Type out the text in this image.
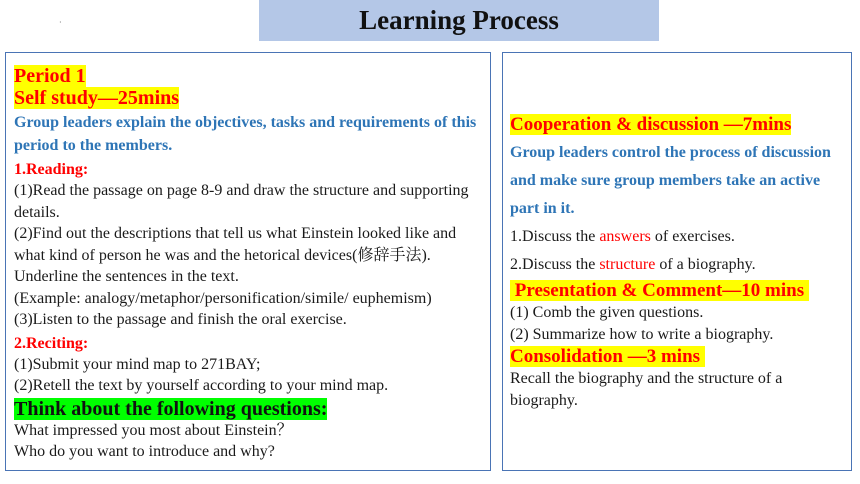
·	Learning Process
Period 1
Self study—25mins
Group leaders explain the objectives, tasks and requirements of this period to the members.
1.Reading:
(1)Read the passage on page 8-9 and draw the structure and supporting details.
(2)Find out the descriptions that tell us what Einstein looked like and what kind of person he was and the hetorical devices(修辞手法). Underline the sentences in the text.
(Example: analogy/metaphor/personification/simile/ euphemism)
(3)Listen to the passage and finish the oral exercise.
2.Reciting:
(1)Submit your mind map to 271BAY;
(2)Retell the text by yourself according to your mind map.
Think about the following questions:
What impressed you most about Einstein？
Who do you want to introduce and why?
Cooperation & discussion —7mins
Group leaders control the process of discussion and make sure group members take an active part in it.
1.Discuss the answers of exercises.
2.Discuss the structure of a biography.
Presentation & Comment—10 mins
(1) Comb the given questions.
(2) Summarize how to write a biography.
Consolidation —3 mins
Recall the biography and the structure of a biography.
